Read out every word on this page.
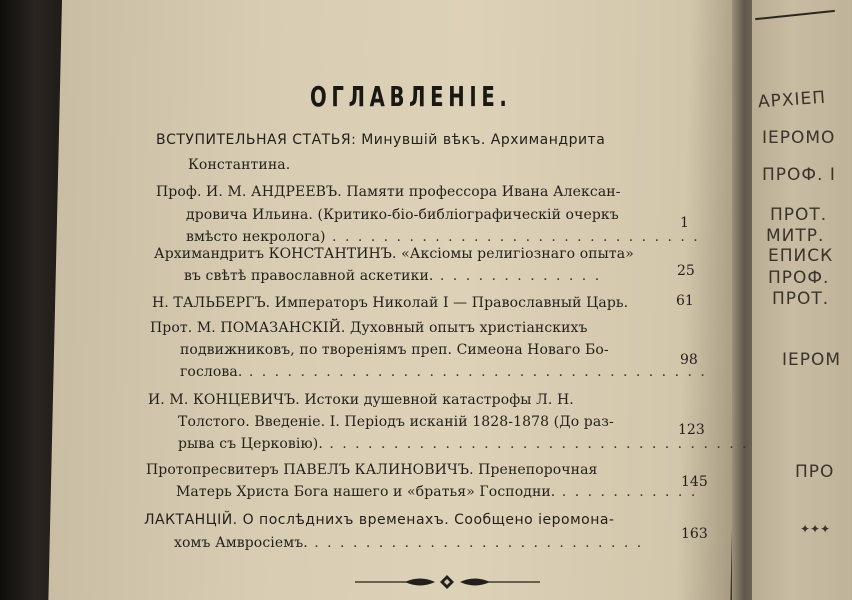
АРХІЕП
ІЕРОМО
ПРОФ. І
ПРОТ.
МИТР.
ЕПИСК
ПРОФ.
ПРОТ.
ІЕРОМ
ПРО
✦✦✦
ОГЛАВЛЕНІЕ.
ВСТУПИТЕЛЬНАЯ СТАТЬЯ: Минувшій вѣкъ. Архимандрита
Константина.
Проф. И. М. АНДРЕЕВЪ. Памяти профессора Ивана Алексан-
дровича Ильина. (Критико-біо-библіографическій очеркъ
вмѣсто некролога) . . . . . . . . . . . . . . . . . . . . . . . . . . . . .
1
Архимандритъ КОНСТАНТИНЪ. «Аксіомы религіознаго опыта»
въ свѣтѣ православной аскетики. . . . . . . . . . . . . .	25
Н. ТАЛЬБЕРГЪ. Императоръ Николай І — Православный Царь.	61
Прот. М. ПОМАЗАНСКІЙ. Духовный опытъ христіанскихъ
подвижниковъ, по твореніямъ преп. Симеона Новаго Бо-
гослова. . . . . . . . . . . . . . . . . . . . . . . . . . . . . . . . . . . . .
98
И. М. КОНЦЕВИЧЪ. Истоки душевной катастрофы Л. Н.
Толстого. Введеніе. І. Періодъ исканій 1828-1878 (До раз-
рыва съ Церковію). . . . . . . . . . . . . . . . . . . . . . . . . . . . . . . . . .
123
Протопресвитеръ ПАВЕЛЪ КАЛИНОВИЧЪ. Пренепорочная
Матерь Христа Бога нашего и «братья» Господни. . . . . . . . . . . .
145
ЛАКТАНЦІЙ. О послѣднихъ временахъ. Сообщено іеромона-
хомъ Амвросіемъ. . . . . . . . . . . . . . . . . . . . . . . . . . .
163
